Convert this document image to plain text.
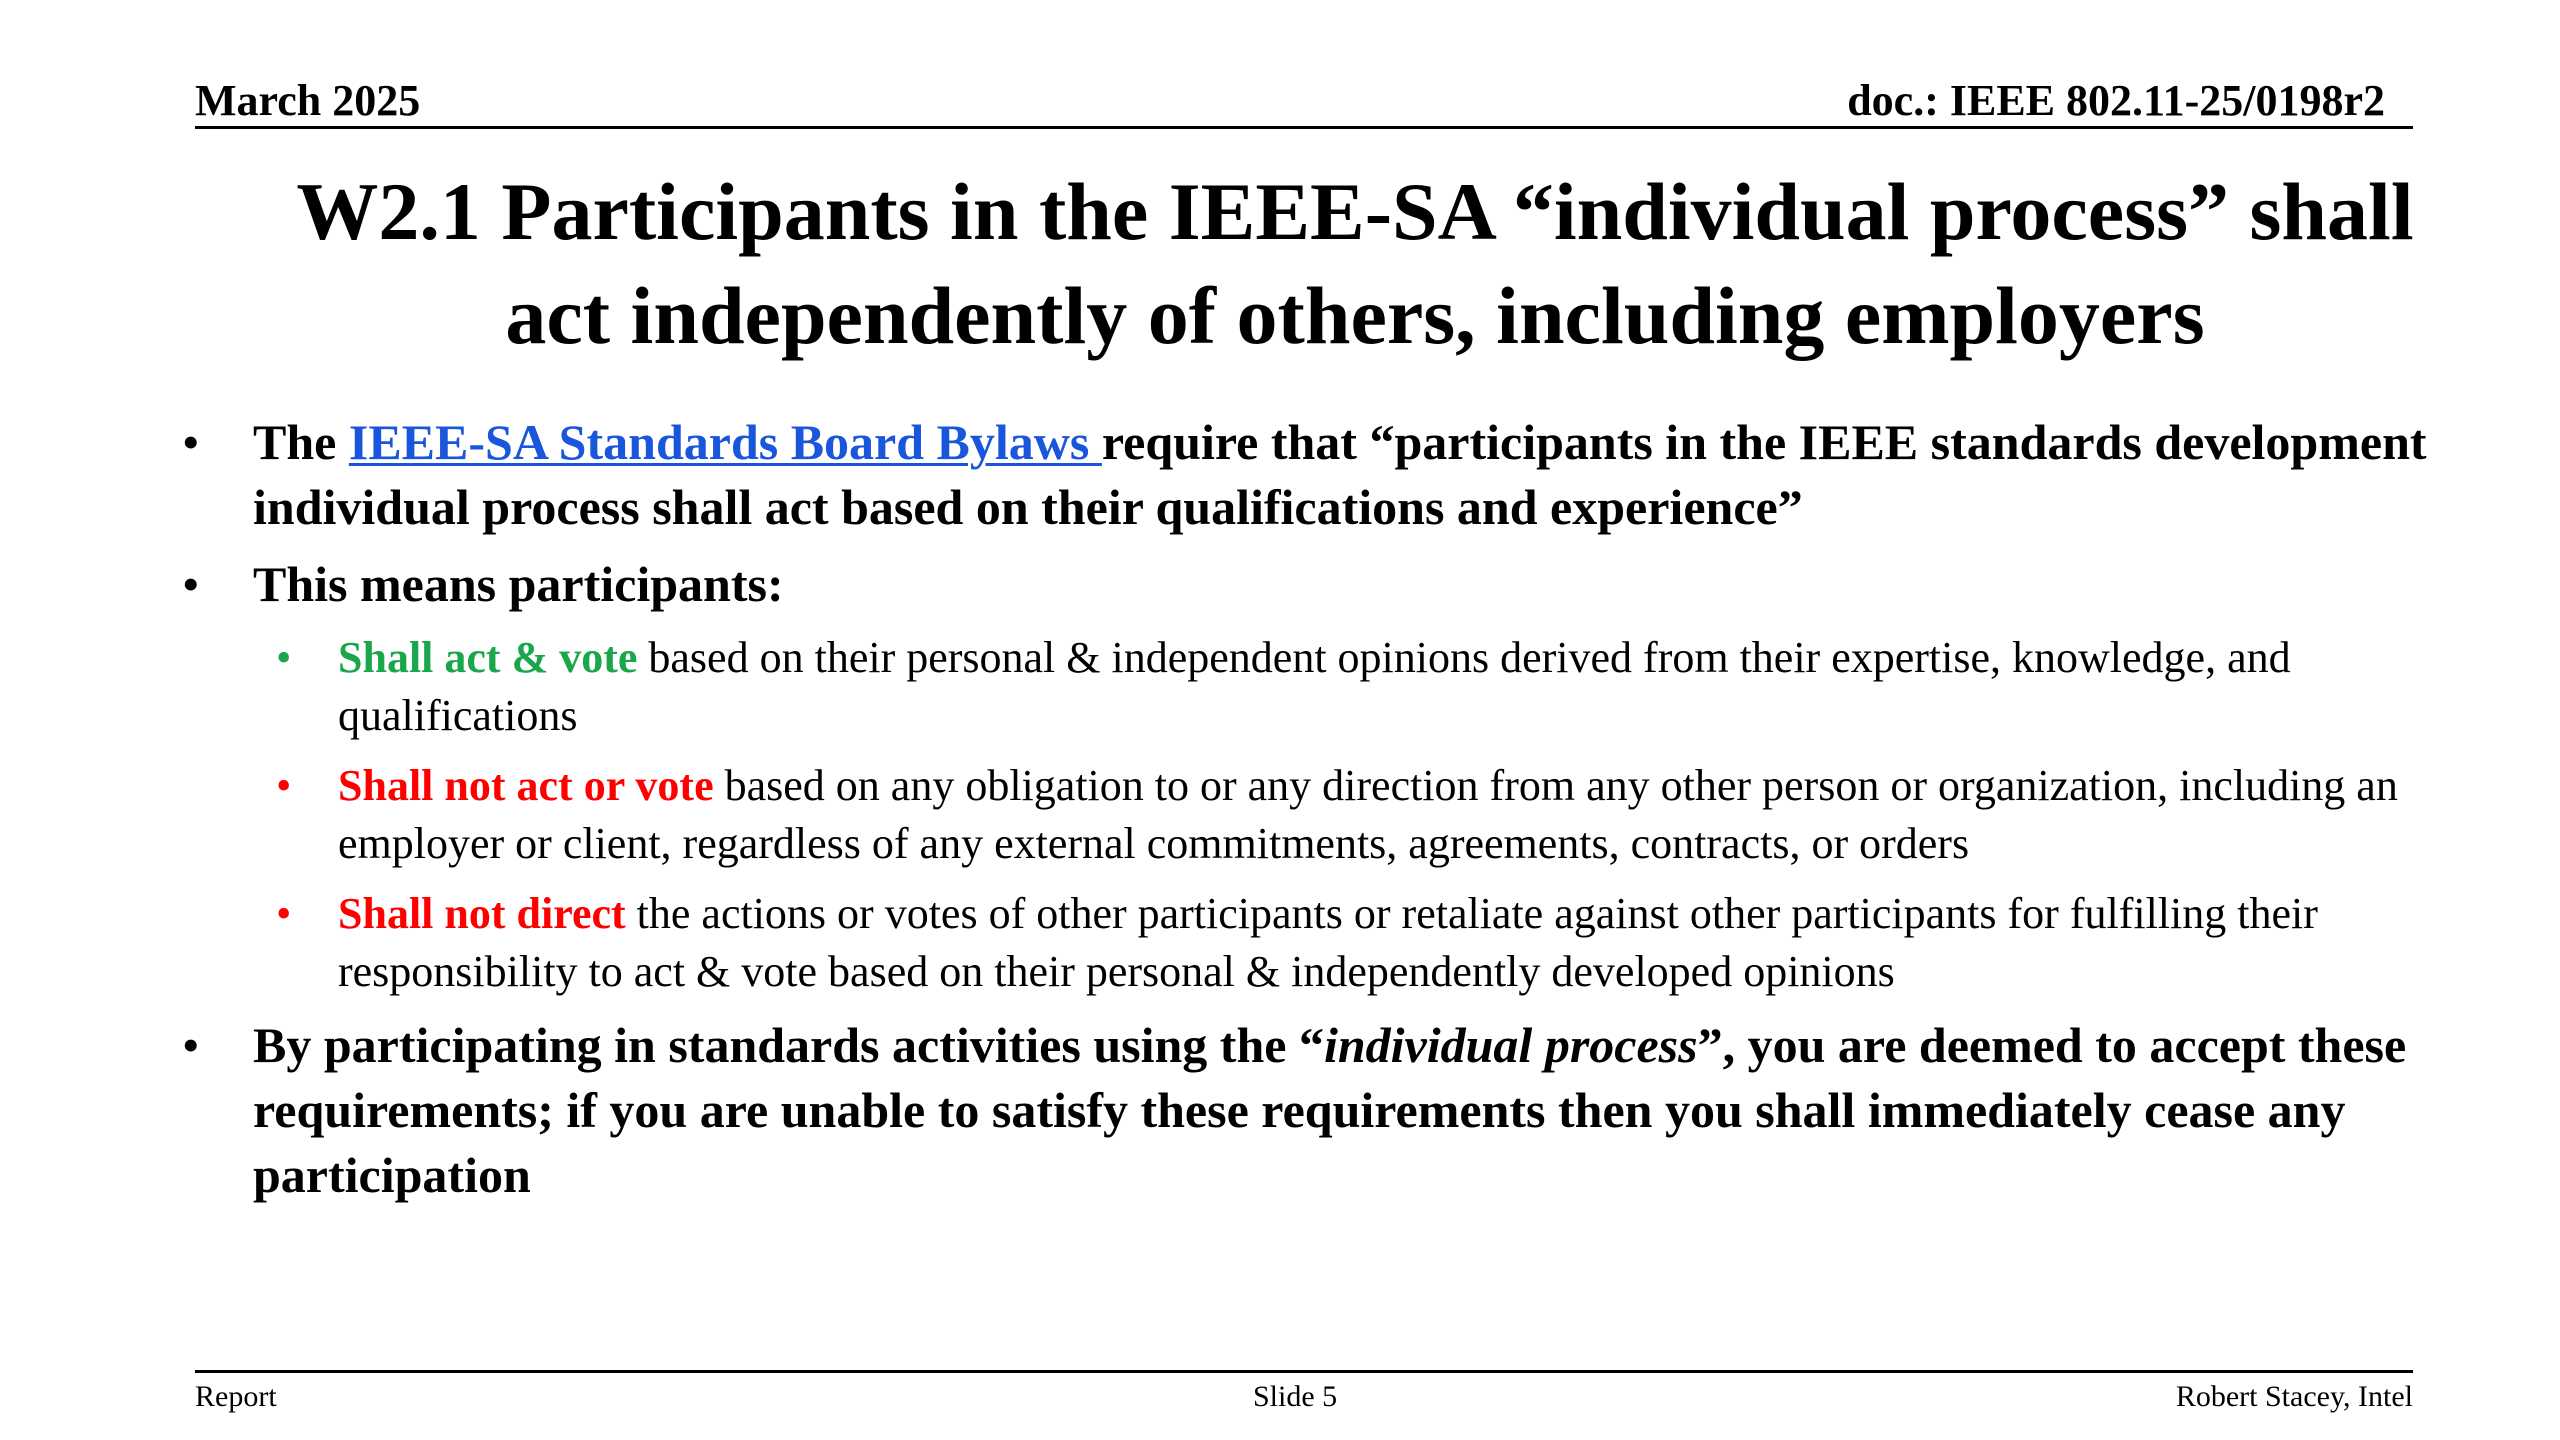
March 2025	doc.: IEEE 802.11-25/0198r2
W2.1 Participants in the IEEE-SA “individual process” shall
act independently of others, including employers
• The IEEE-SA Standards Board Bylaws require that “participants in the IEEE standards development individual process shall act based on their qualifications and experience”
• This means participants:
• Shall act & vote based on their personal & independent opinions derived from their expertise, knowledge, and qualifications
• Shall not act or vote based on any obligation to or any direction from any other person or organization, including an employer or client, regardless of any external commitments, agreements, contracts, or orders
• Shall not direct the actions or votes of other participants or retaliate against other participants for fulfilling their responsibility to act & vote based on their personal & independently developed opinions
• By participating in standards activities using the “individual process”, you are deemed to accept these requirements; if you are unable to satisfy these requirements then you shall immediately cease any participation
Report	Slide 5	Robert Stacey, Intel
